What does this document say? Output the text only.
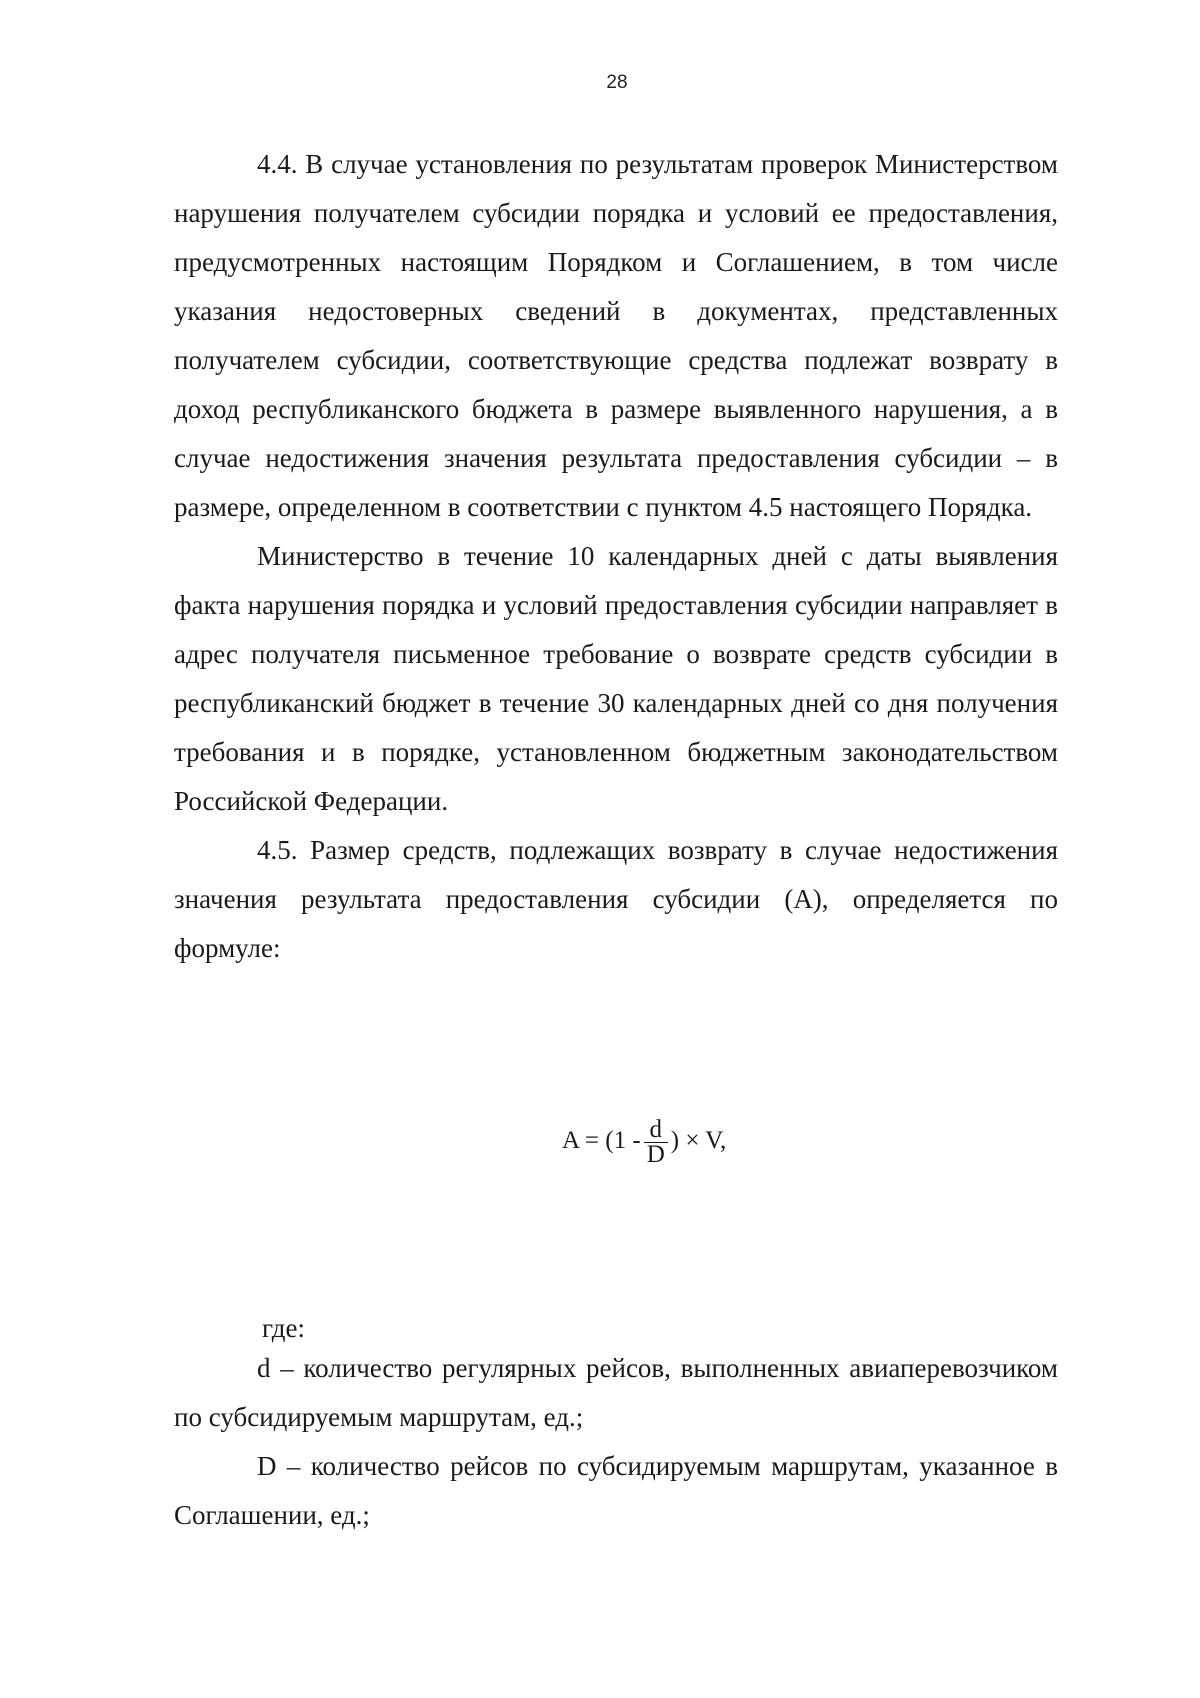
28

4.4. В случае установления по результатам проверок Министерством нарушения получателем субсидии порядка и условий ее предоставления, предусмотренных настоящим Порядком и Соглашением, в том числе указания недостоверных сведений в документах, представленных получателем субсидии, соответствующие средства подлежат возврату в доход республиканского бюджета в размере выявленного нарушения, а в случае недостижения значения результата предоставления субсидии – в размере, определенном в соответствии с пунктом 4.5 настоящего Порядка.

Министерство в течение 10 календарных дней с даты выявления факта нарушения порядка и условий предоставления субсидии направляет в адрес получателя письменное требование о возврате средств субсидии в республиканский бюджет в течение 30 календарных дней со дня получения требования и в порядке, установленном бюджетным законодательством Российской Федерации.

4.5. Размер средств, подлежащих возврату в случае недостижения значения результата предоставления субсидии (А), определяется по формуле:

$A = (1 - \frac{d}{D}$ ) × V,
где:

d – количество регулярных рейсов, выполненных авиаперевозчиком по субсидируемым маршрутам, ед.;

D – количество рейсов по субсидируемым маршрутам, указанное в Соглашении, ед.;
